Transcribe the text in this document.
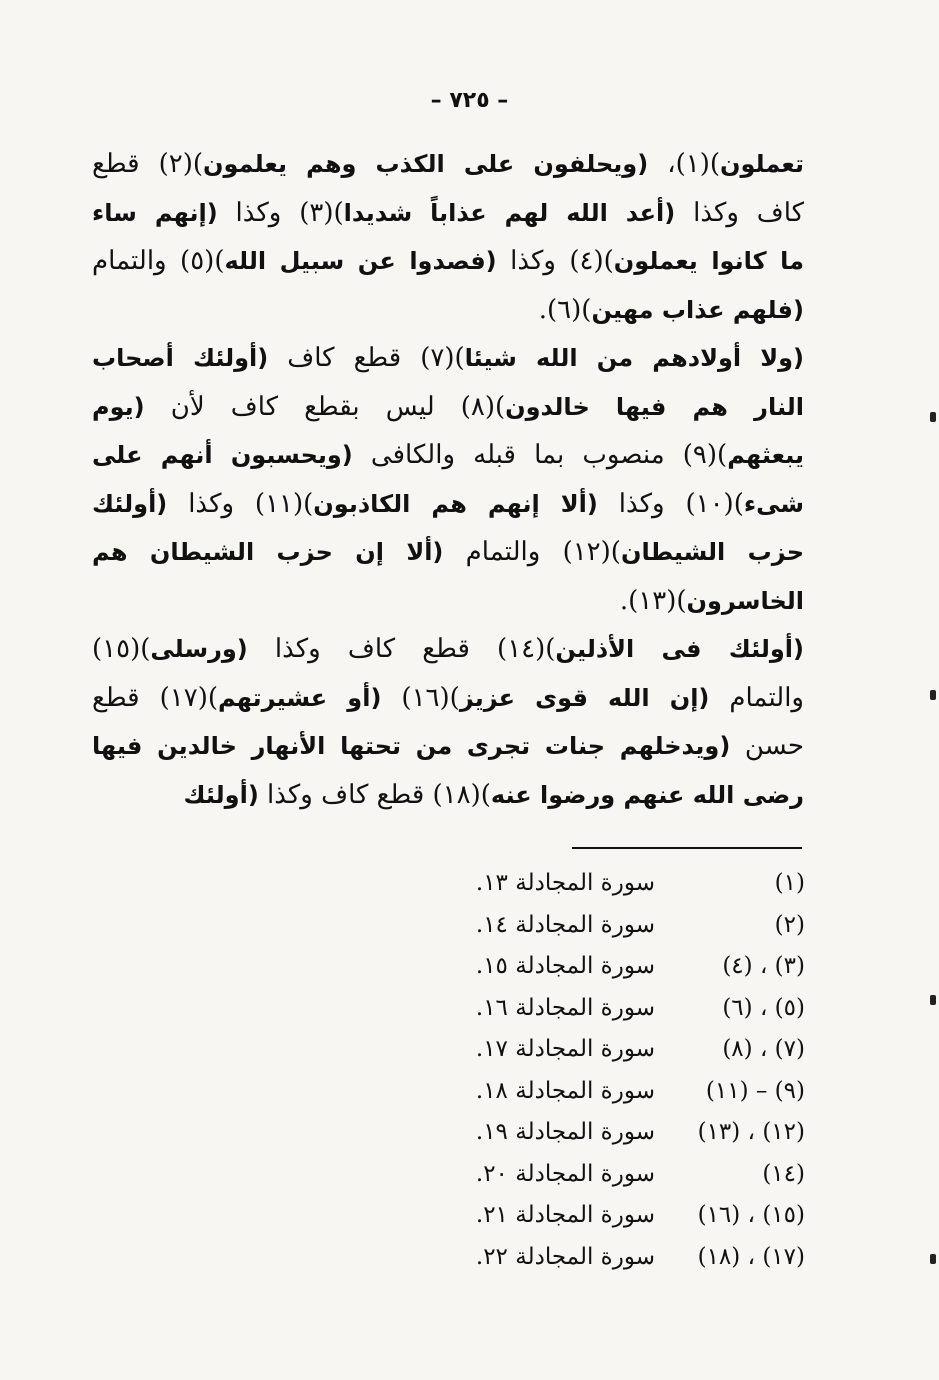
– ٧٢٥ –
تعملون)(١)، (ويحلفون على الكذب وهم يعلمون)(٢) قطع
كاف وكذا (أعد الله لهم عذاباً شديدا)(٣) وكذا (إنهم ساء
ما كانوا يعملون)(٤) وكذا (فصدوا عن سبيل الله)(٥) والتمام
(فلهم عذاب مهين)(٦).
(ولا أولادهم من الله شيئا)(٧) قطع كاف (أولئك أصحاب
النار هم فيها خالدون)(٨) ليس بقطع كاف لأن (يوم
يبعثهم)(٩) منصوب بما قبله والكافى (ويحسبون أنهم على
شىء)(١٠) وكذا (ألا إنهم هم الكاذبون)(١١) وكذا (أولئك
حزب الشيطان)(١٢) والتمام (ألا إن حزب الشيطان هم
الخاسرون)(١٣).
(أولئك فى الأذلين)(١٤) قطع كاف وكذا (ورسلى)(١٥)
والتمام (إن الله قوى عزيز)(١٦) (أو عشيرتهم)(١٧) قطع
حسن (ويدخلهم جنات تجرى من تحتها الأنهار خالدين فيها
رضى الله عنهم ورضوا عنه)(١٨) قطع كاف وكذا (أولئك
(١)
سورة المجادلة ١٣.
(٢)
سورة المجادلة ١٤.
(٣) ، (٤)
سورة المجادلة ١٥.
(٥) ، (٦)
سورة المجادلة ١٦.
(٧) ، (٨)
سورة المجادلة ١٧.
(٩) – (١١)
سورة المجادلة ١٨.
(١٢) ، (١٣)
سورة المجادلة ١٩.
(١٤)
سورة المجادلة ٢٠.
(١٥) ، (١٦)
سورة المجادلة ٢١.
(١٧) ، (١٨)
سورة المجادلة ٢٢.
